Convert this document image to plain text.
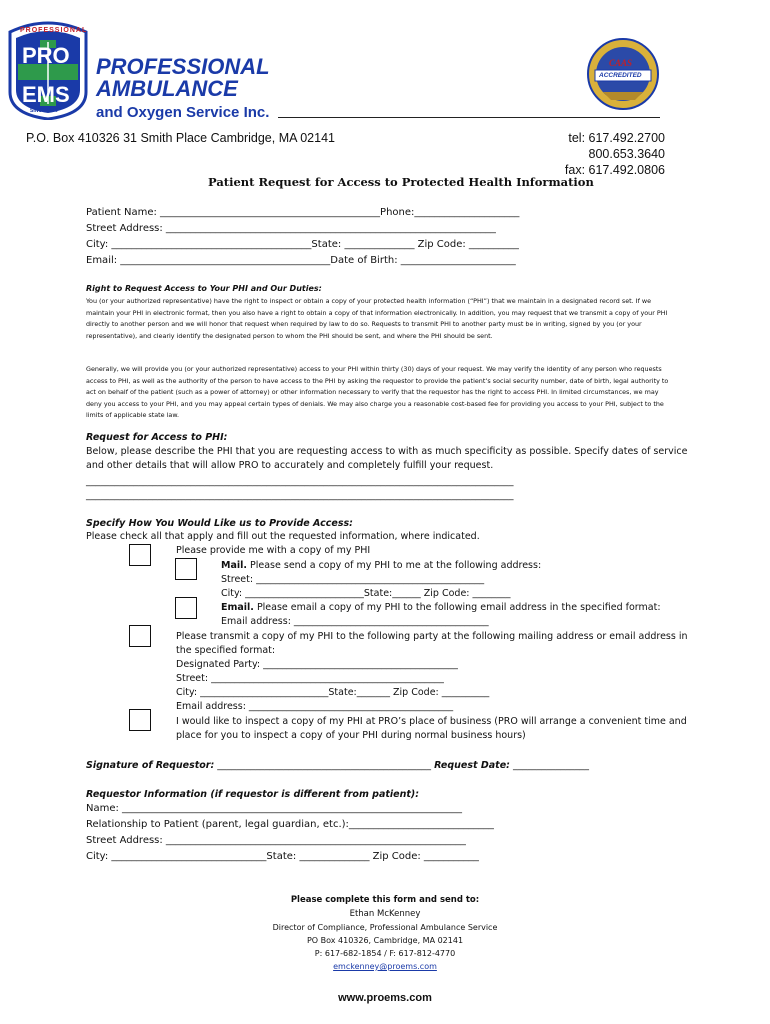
PROFESSIONAL
PRO
EMS
SINCE 1959
PROFESSIONAL
AMBULANCE
and Oxygen Service Inc.
CAAS
ACCREDITED
P.O. Box 410326 31 Smith Place Cambridge, MA 02141	tel: 617.492.2700
800.653.3640
fax: 617.492.0806
Patient Request for Access to Protected Health Information
Patient Name: ____________________________________________Phone:_____________________
Street Address: __________________________________________________________________
City: ________________________________________State: ______________ Zip Code: __________
Email: __________________________________________Date of Birth: _______________________
Right to Request Access to Your PHI and Our Duties:
You (or your authorized representative) have the right to inspect or obtain a copy of your protected health information (“PHI”) that we maintain in a designated record set. If we maintain your PHI in electronic format, then you also have a right to obtain a copy of that information electronically. In addition, you may request that we transmit a copy of your PHI directly to another person and we will honor that request when required by law to do so. Requests to transmit PHI to another party must be in writing, signed by you (or your representative), and clearly identify the designated person to whom the PHI should be sent, and where the PHI should be sent.
Generally, we will provide you (or your authorized representative) access to your PHI within thirty (30) days of your request. We may verify the identity of any person who requests access to PHI, as well as the authority of the person to have access to the PHI by asking the requestor to provide the patient’s social security number, date of birth, legal authority to act on behalf of the patient (such as a power of attorney) or other information necessary to verify that the requestor has the right to access PHI. In limited circumstances, we may deny you access to your PHI, and you may appeal certain types of denials. We may also charge you a reasonable cost-based fee for providing you access to your PHI, subject to the limits of applicable state law.
Request for Access to PHI:
Below, please describe the PHI that you are requesting access to with as much specificity as possible. Specify dates of service
and other details that will allow PRO to accurately and completely fulfill your request.
__________________________________________________________________________________________
__________________________________________________________________________________________
Specify How You Would Like us to Provide Access:
Please check all that apply and fill out the requested information, where indicated.
Please provide me with a copy of my PHI
Mail. Please send a copy of my PHI to me at the following address:
Street: ________________________________________________
City: _________________________State:______ Zip Code: ________
Email. Please email a copy of my PHI to the following email address in the specified format:
Email address: _________________________________________
Please transmit a copy of my PHI to the following party at the following mailing address or email address in
the specified format:
Designated Party: _________________________________________
Street: _________________________________________________
City: ___________________________State:_______ Zip Code: __________
Email address: ___________________________________________
I would like to inspect a copy of my PHI at PRO’s place of business (PRO will arrange a convenient time and
place for you to inspect a copy of your PHI during normal business hours)
Signature of Requestor: _____________________________________________ Request Date: ________________
Requestor Information (if requestor is different from patient):
Name: ____________________________________________________________________
Relationship to Patient (parent, legal guardian, etc.):_____________________________
Street Address: ____________________________________________________________
City: _______________________________State: ______________ Zip Code: ___________
Please complete this form and send to:
Ethan McKenney
Director of Compliance, Professional Ambulance Service
PO Box 410326, Cambridge, MA 02141
P: 617-682-1854 / F: 617-812-4770
emckenney@proems.com
www.proems.com
